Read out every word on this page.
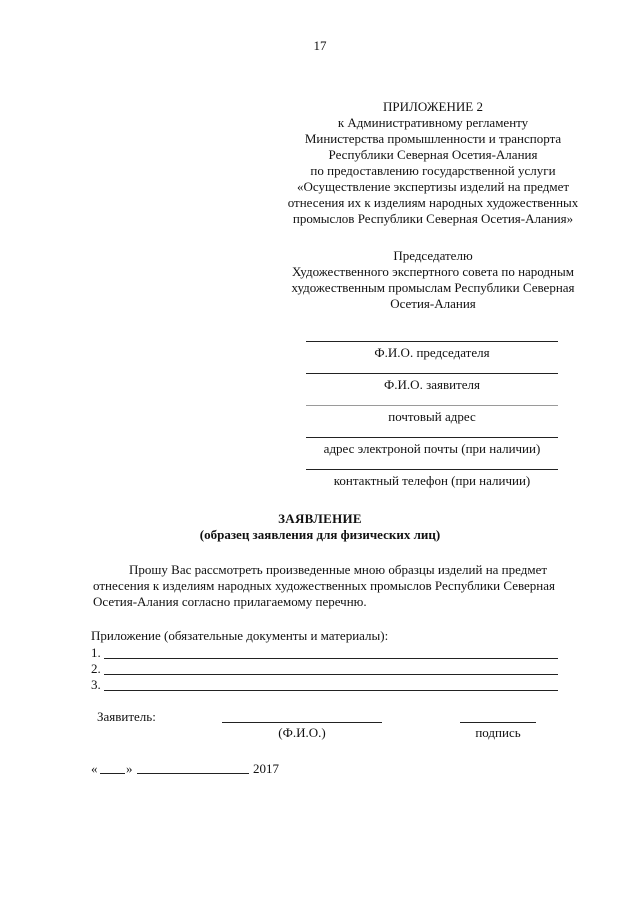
17
ПРИЛОЖЕНИЕ 2
к Административному регламенту
Министерства промышленности и транспорта
Республики Северная Осетия-Алания
по предоставлению государственной услуги
«Осуществление экспертизы изделий на предмет
отнесения их к изделиям народных художественных
промыслов Республики Северная Осетия-Алания»
Председателю
Художественного экспертного совета по народным
художественным промыслам Республики Северная
Осетия-Алания
Ф.И.О. председателя
Ф.И.О. заявителя
почтовый адрес
адрес электроной почты (при наличии)
контактный телефон (при наличии)
ЗАЯВЛЕНИЕ
(образец заявления для физических лиц)
Прошу Вас рассмотреть произведенные мною образцы изделий на предмет
отнесения к изделиям народных художественных промыслов Республики Северная
Осетия-Алания согласно прилагаемому перечню.
Приложение (обязательные документы и материалы):
1.
2.
3.
Заявитель:
(Ф.И.О.)	подпись
« »	2017
